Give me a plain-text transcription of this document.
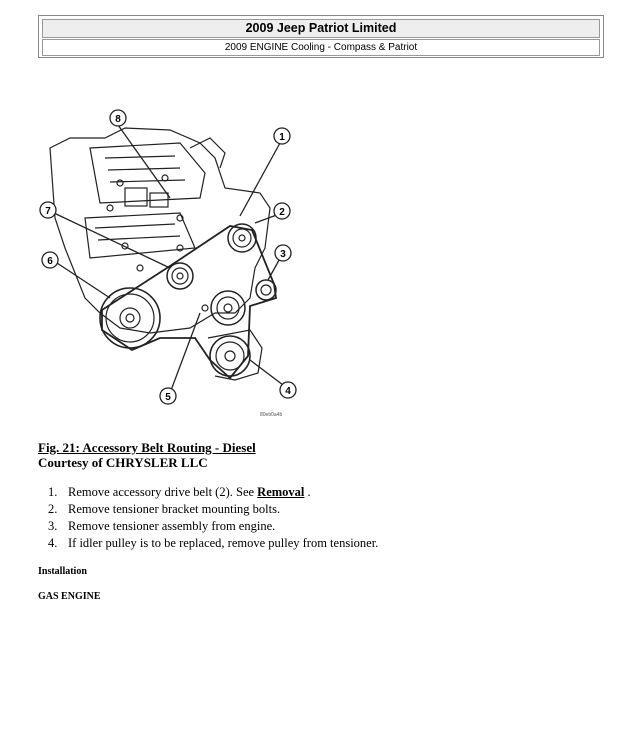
2009 Jeep Patriot Limited
2009 ENGINE Cooling - Compass & Patriot
8
1
2
3
4
5
6
7
80eb0a4b
Fig. 21: Accessory Belt Routing - Diesel
Courtesy of CHRYSLER LLC
1. Remove accessory drive belt (2). See Removal .
2. Remove tensioner bracket mounting bolts.
3. Remove tensioner assembly from engine.
4. If idler pulley is to be replaced, remove pulley from tensioner.
Installation
GAS ENGINE
